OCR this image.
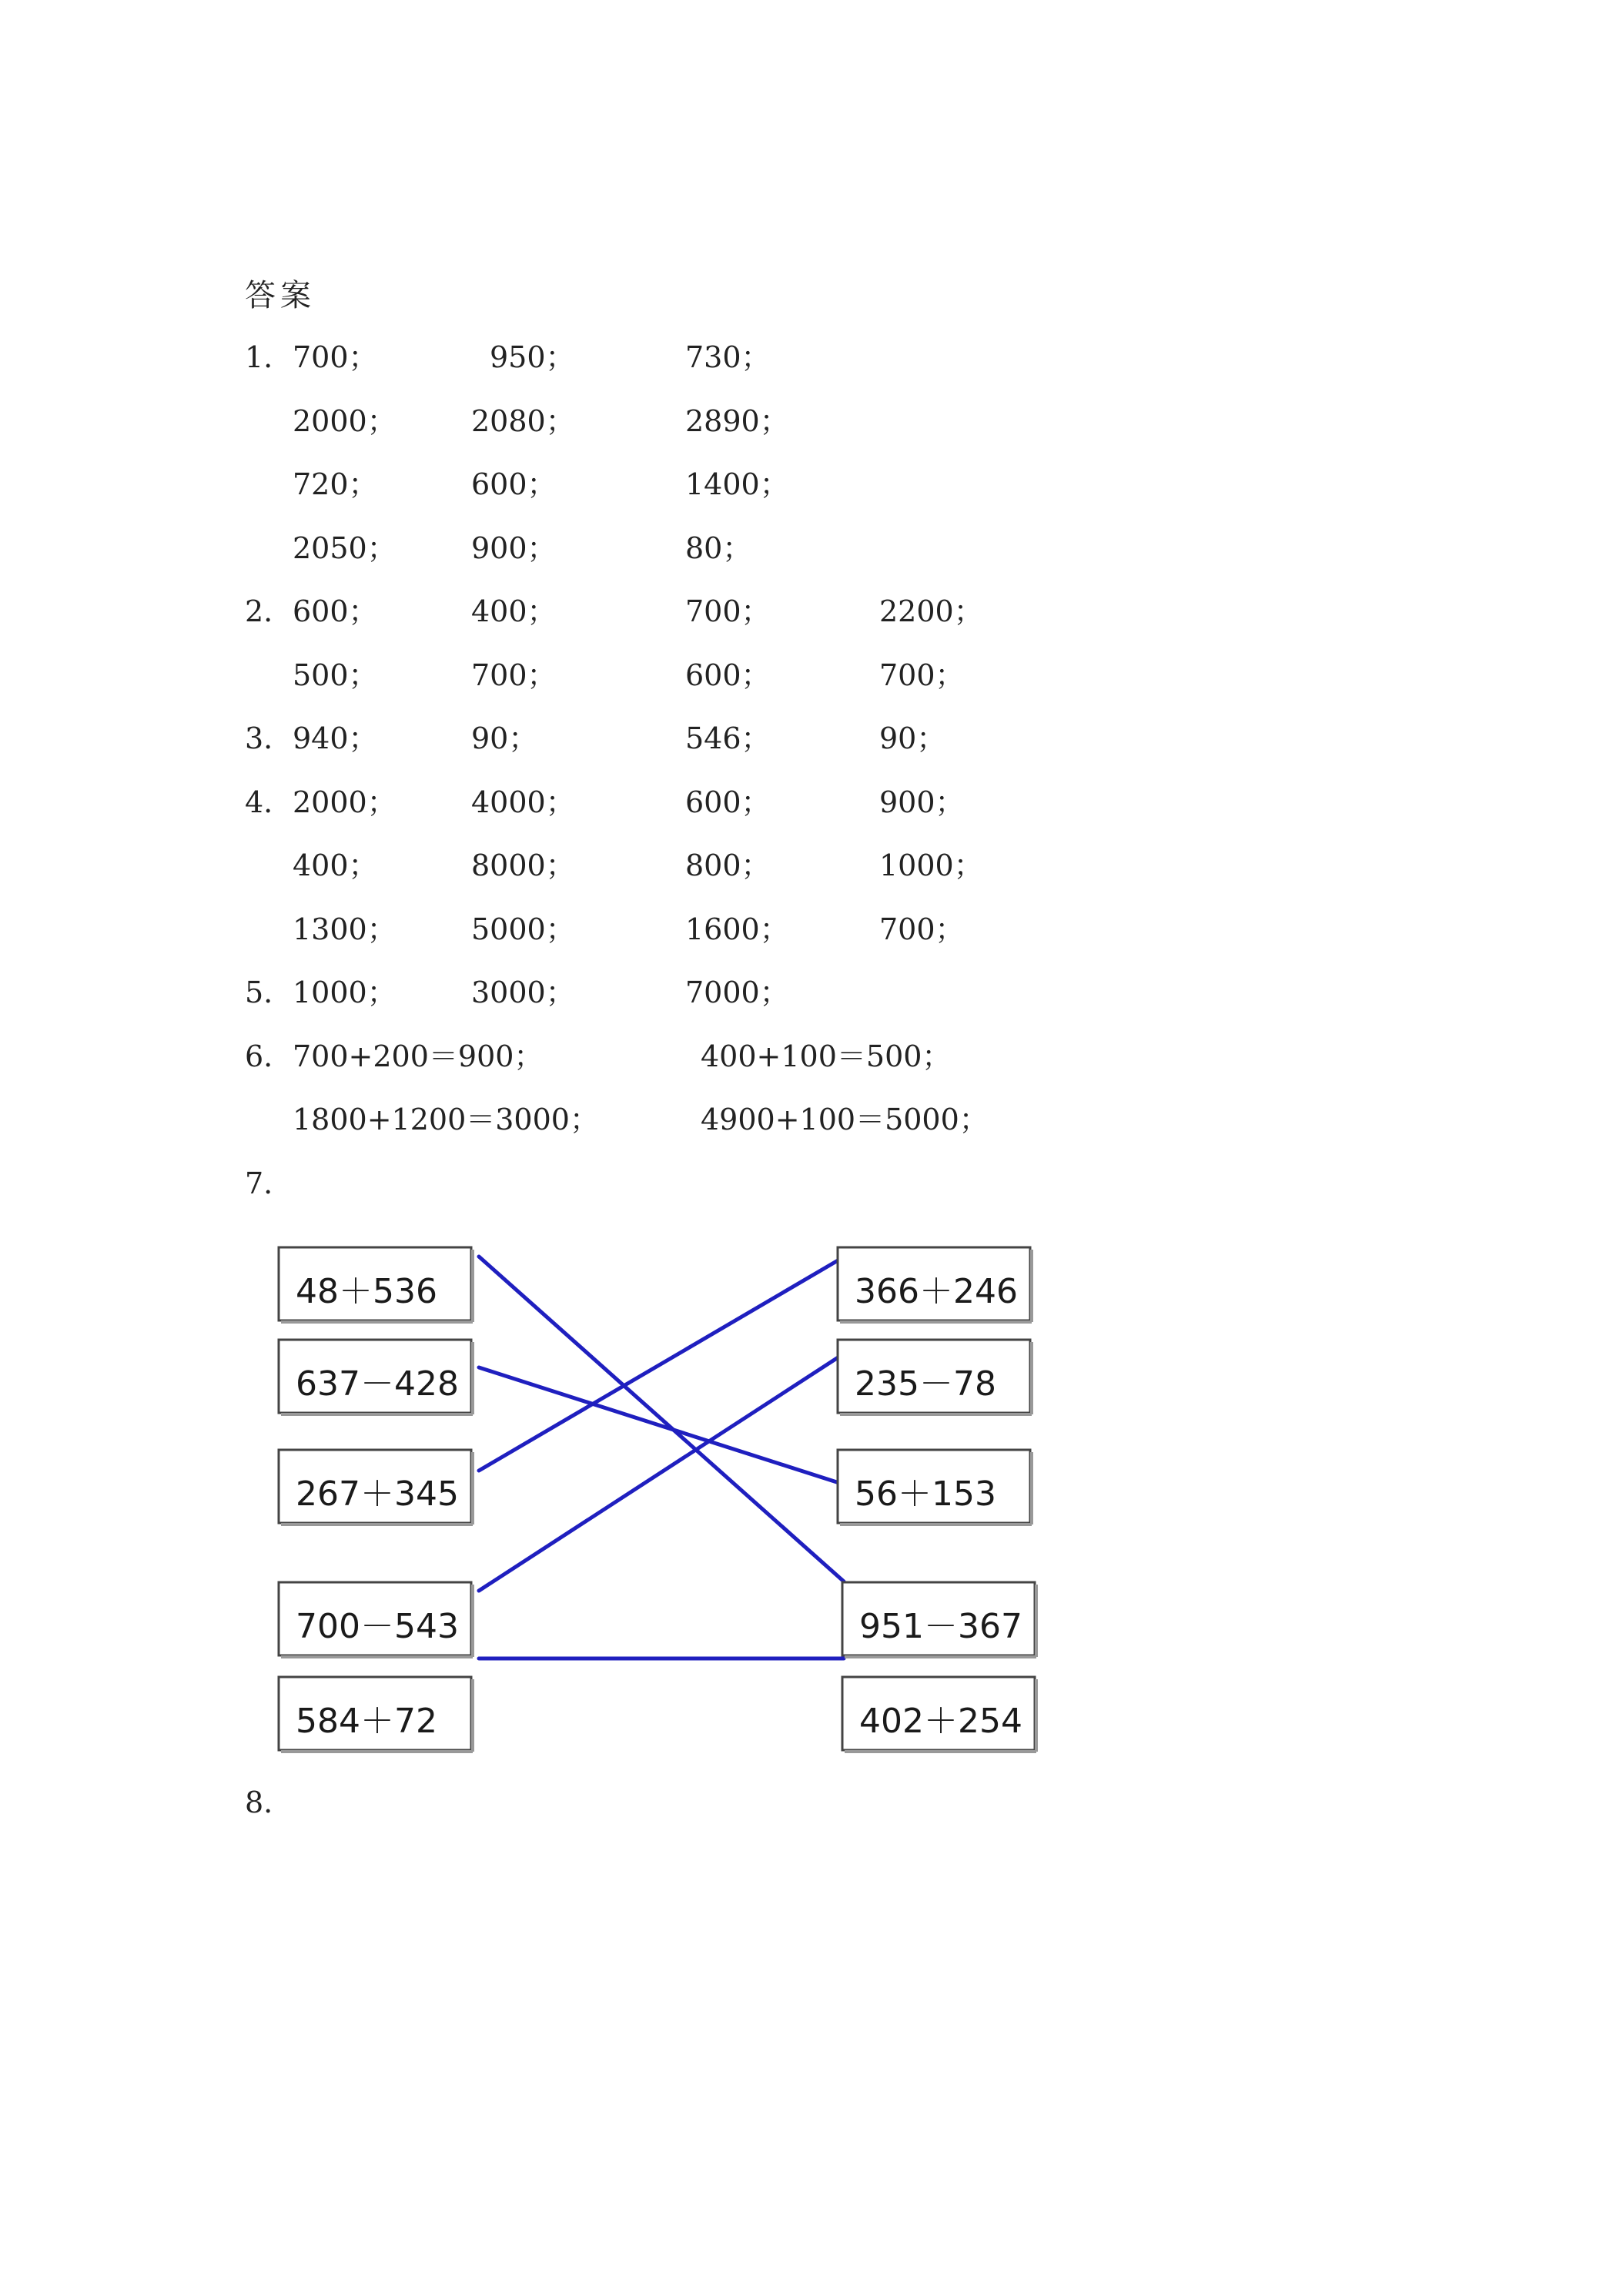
答案
1. 700；	950；	730；
2000；	2080；	2890；
720；	600；	1400；
2050；	900；	80；
2. 600；	400；	700；	2200；
500；	700；	600；	700；
3. 940；	90；	546；	90；
4. 2000；	4000；	600；	900；
400；	8000；	800；	1000；
1300；	5000；	1600；	700；
5. 1000；	3000；	7000；
6. 700+200＝900；	400+100＝500；
1800+1200＝3000；	4900+100＝5000；
7.
48＋536
637－428
267＋345
700－543
584＋72
366＋246
235－78
56＋153
951－367
402＋254
8.
